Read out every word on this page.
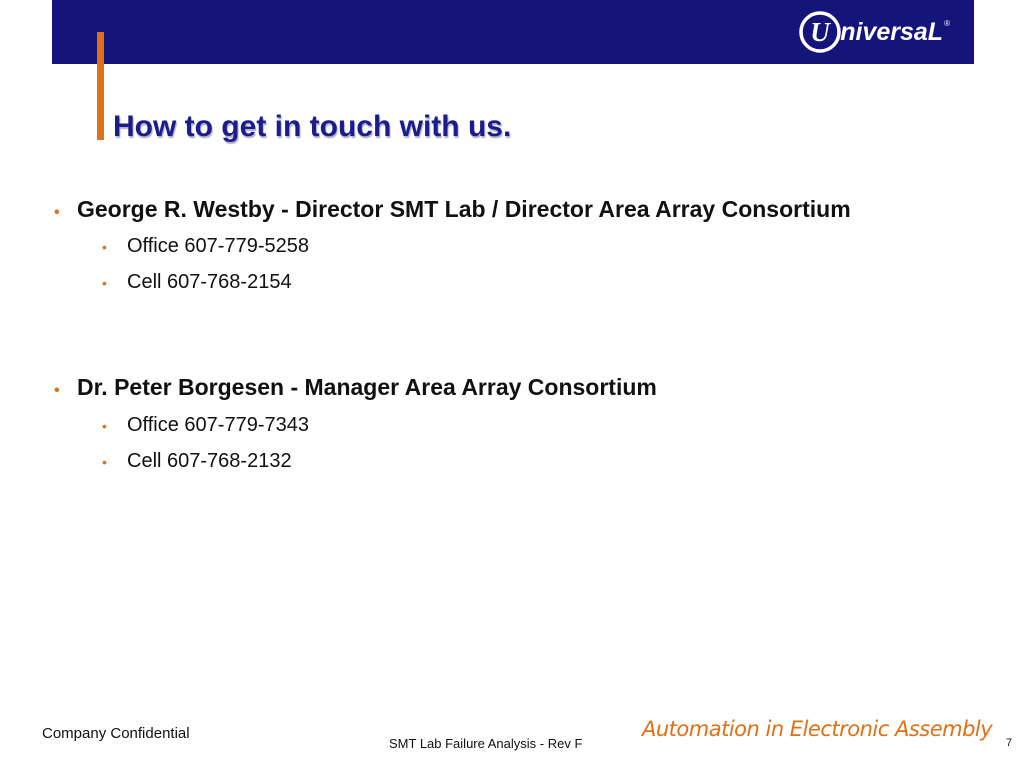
U niversaL ®
How to get in touch with us.
• George R. Westby - Director SMT Lab / Director Area Array Consortium
•	Office 607-779-5258
•	Cell 607-768-2154
• Dr. Peter Borgesen - Manager Area Array Consortium
•	Office 607-779-7343
•	Cell 607-768-2132
Company Confidential
SMT Lab Failure Analysis - Rev F
Automation in Electronic Assembly
7
